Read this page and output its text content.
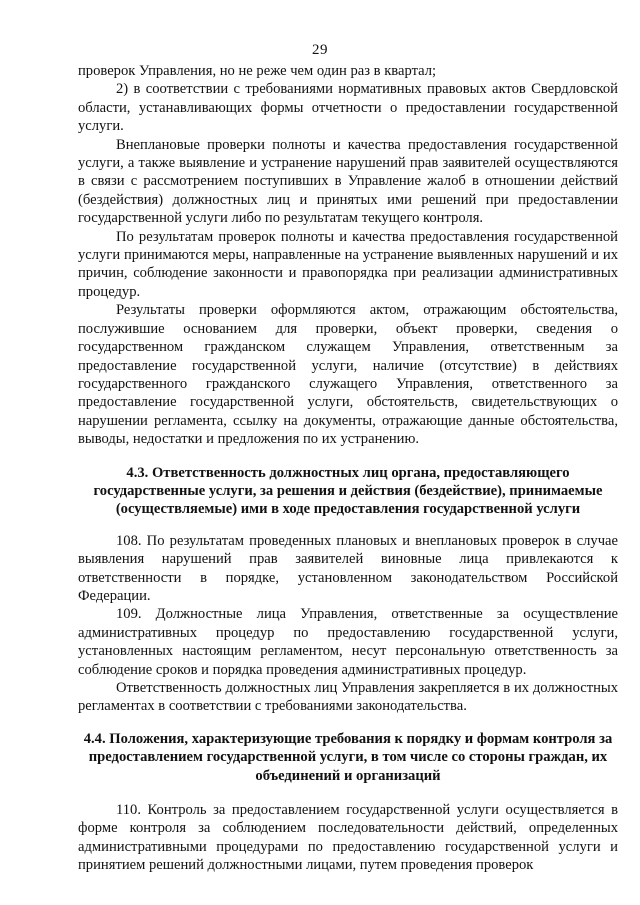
29

проверок Управления, но не реже чем один раз в квартал;

2) в соответствии с требованиями нормативных правовых актов Свердловской области, устанавливающих формы отчетности о предоставлении государственной услуги.

Внеплановые проверки полноты и качества предоставления государственной услуги, а также выявление и устранение нарушений прав заявителей осуществляются в связи с рассмотрением поступивших в Управление жалоб в отношении действий (бездействия) должностных лиц и принятых ими решений при предоставлении государственной услуги либо по результатам текущего контроля.

По результатам проверок полноты и качества предоставления государственной услуги принимаются меры, направленные на устранение выявленных нарушений и их причин, соблюдение законности и правопорядка при реализации административных процедур.

Результаты проверки оформляются актом, отражающим обстоятельства, послужившие основанием для проверки, объект проверки, сведения о государственном гражданском служащем Управления, ответственным за предоставление государственной услуги, наличие (отсутствие) в действиях государственного гражданского служащего Управления, ответственного за предоставление государственной услуги, обстоятельств, свидетельствующих о нарушении регламента, ссылку на документы, отражающие данные обстоятельства, выводы, недостатки и предложения по их устранению.

4.3. Ответственность должностных лиц органа, предоставляющего государственные услуги, за решения и действия (бездействие), принимаемые (осуществляемые) ими в ходе предоставления государственной услуги

108. По результатам проведенных плановых и внеплановых проверок в случае выявления нарушений прав заявителей виновные лица привлекаются к ответственности в порядке, установленном законодательством Российской Федерации.

109. Должностные лица Управления, ответственные за осуществление административных процедур по предоставлению государственной услуги, установленных настоящим регламентом, несут персональную ответственность за соблюдение сроков и порядка проведения административных процедур.

Ответственность должностных лиц Управления закрепляется в их должностных регламентах в соответствии с требованиями законодательства.

4.4. Положения, характеризующие требования к порядку и формам контроля за предоставлением государственной услуги, в том числе со стороны граждан, их объединений и организаций

110. Контроль за предоставлением государственной услуги осуществляется в форме контроля за соблюдением последовательности действий, определенных административными процедурами по предоставлению государственной услуги и принятием решений должностными лицами, путем проведения проверок
